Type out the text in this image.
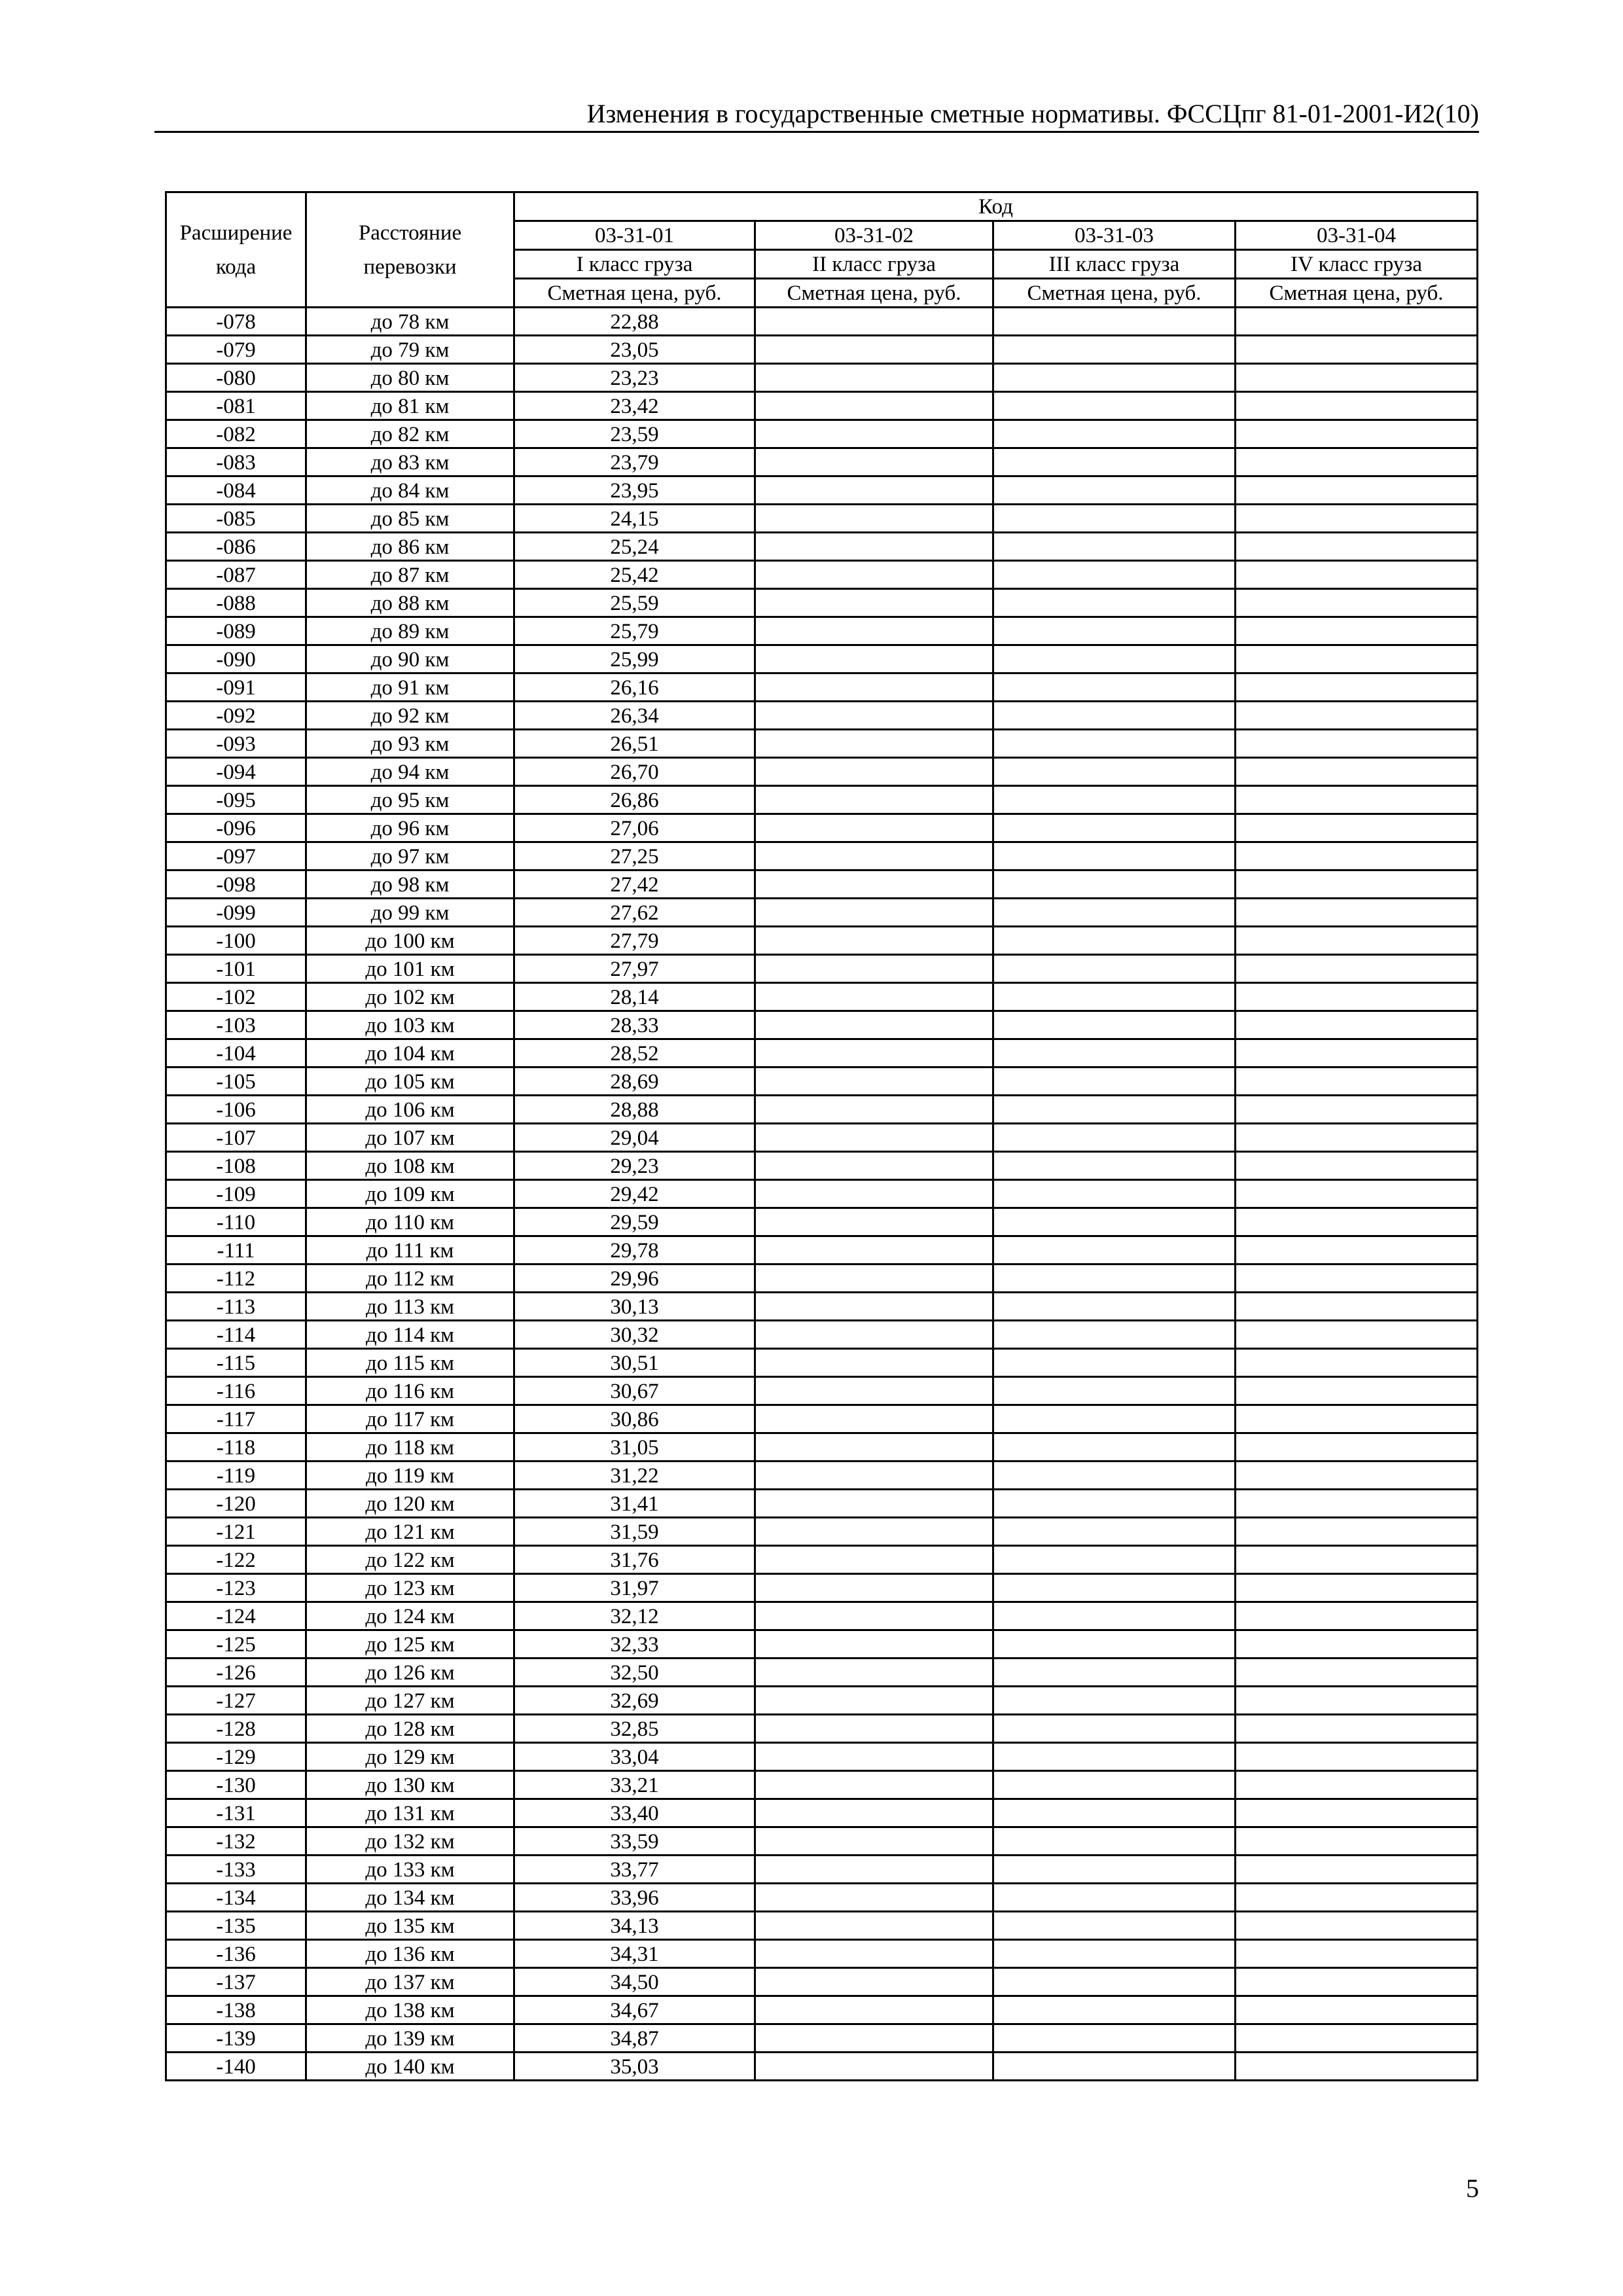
Изменения в государственные сметные нормативы. ФССЦпг 81-01-2001-И2(10)
Расширение кода	Расстояние перевозки	Код			
		03-31-01	03-31-02	03-31-03	03-31-04
		I класс груза	II класс груза	III класс груза	IV класс груза
		Сметная цена, руб.	Сметная цена, руб.	Сметная цена, руб.	Сметная цена, руб.
-078	до 78 км	22,88			
-079	до 79 км	23,05			
-080	до 80 км	23,23			
-081	до 81 км	23,42			
-082	до 82 км	23,59			
-083	до 83 км	23,79			
-084	до 84 км	23,95			
-085	до 85 км	24,15			
-086	до 86 км	25,24			
-087	до 87 км	25,42			
-088	до 88 км	25,59			
-089	до 89 км	25,79			
-090	до 90 км	25,99			
-091	до 91 км	26,16			
-092	до 92 км	26,34			
-093	до 93 км	26,51			
-094	до 94 км	26,70			
-095	до 95 км	26,86			
-096	до 96 км	27,06			
-097	до 97 км	27,25			
-098	до 98 км	27,42			
-099	до 99 км	27,62			
-100	до 100 км	27,79			
-101	до 101 км	27,97			
-102	до 102 км	28,14			
-103	до 103 км	28,33			
-104	до 104 км	28,52			
-105	до 105 км	28,69			
-106	до 106 км	28,88			
-107	до 107 км	29,04			
-108	до 108 км	29,23			
-109	до 109 км	29,42			
-110	до 110 км	29,59			
-111	до 111 км	29,78			
-112	до 112 км	29,96			
-113	до 113 км	30,13			
-114	до 114 км	30,32			
-115	до 115 км	30,51			
-116	до 116 км	30,67			
-117	до 117 км	30,86			
-118	до 118 км	31,05			
-119	до 119 км	31,22			
-120	до 120 км	31,41			
-121	до 121 км	31,59			
-122	до 122 км	31,76			
-123	до 123 км	31,97			
-124	до 124 км	32,12			
-125	до 125 км	32,33			
-126	до 126 км	32,50			
-127	до 127 км	32,69			
-128	до 128 км	32,85			
-129	до 129 км	33,04			
-130	до 130 км	33,21			
-131	до 131 км	33,40			
-132	до 132 км	33,59			
-133	до 133 км	33,77			
-134	до 134 км	33,96			
-135	до 135 км	34,13			
-136	до 136 км	34,31			
-137	до 137 км	34,50			
-138	до 138 км	34,67			
-139	до 139 км	34,87			
-140	до 140 км	35,03			
5
